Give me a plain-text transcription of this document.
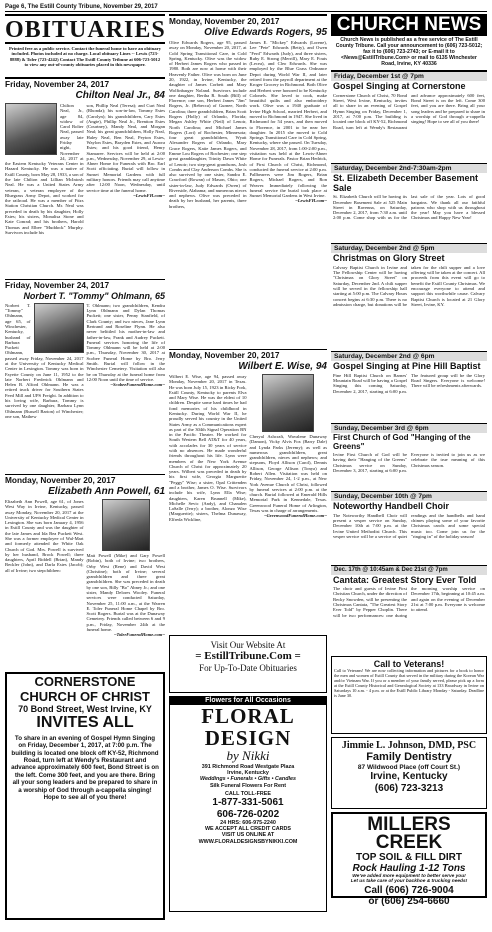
Page 6, The Estill County Tribune, November 29, 2017
OBITUARIES
Printed free as a public service. Contact the funeral home to have an obituary included. Photos included at no charge. Local obituary Lines -- Lewis (723-8888) & Toler (723-4242) Contact The Estill County Tribune at 606-723-5012 to view any out-of-county obituaries placed in this newspaper.
Friday, November 24, 2017
Chilton Neal Jr., 84
Chilton Neal, Jr., age 84, widow of Carol Bolter Neal, passed away late Friday night, November 24, 2017 at the Eastern Kentucky Veterans Center in Hazard Kentucky. He was a native of Estill County, born May 28, 1933, a son of the late Chilton and Lillian McIntosh Neal. He was a United States Army veteran, a veteran employee of the Bluegrass Army Depot, and worked for the railroad. He was a member of Fitzs Station Christian Church. Mr. Neal was preceded in death by his daughter, Holly Estes; his sisters, Monalisa Stone and Kate Conrad; and his brothers, Harold Thomas and Elbee "Muddock" Murphy. Survivors include his
son, Phillip Neal (Teresa); and Curt Neal (Rhonda); his son-in-law, Tommy Estes (Carolyn); his grandchildren, Cary Estes (Angie), Phillip Neal Jr., Brentton Estes (Courtney), Mandy Neal, and Morgan Neal; his great grandchildren, Holly Neal, Haley Neal, Ben Neal, Peyton Estes, Waylon Estes, Brayden Estes, and Aurora Estes; and his good friend, Henry Stamaree. Services will be held at 2:00 p.m., Wednesday, November 29, at Lewis-Abner Home for Funerals with Bro. Earl Scott officiating. Burial will follow in Sunset Memorial Gardens with full military honors. Friends may call anytime after 12:00 Noon, Wednesday, until service time at the funeral home.
~LewisFH.com~
Friday, November 24, 2017
Norbert T. "Tommy" Ohlmann, 65
Norbert T. "Tommy" Ohlmann, age 65, of Winchester, Kentucky, husband of Barbara Puckett Ohlmann, passed away Friday, November 24, 2017 at the University of Kentucky Medical Center in Lexington. Tommy was born in Fayette County on June 11, 1952 to the late Norbert Frederick Ohlmann and Helen B. Alford Ohlmann. He was a retired truck driver for Southern States Feed Mill and UPS Freight. In addition to his loving wife, Barbara, Tommy is survived by one daughter, Barbara Lynn Ohlmann (Russell Barton) of Winchester; one son, Mathew
T. Ohlmann; two grandchildren, Kendra Lynn Ohlmann and Dylan Thomas Puckett; one sister, Penny Stanfield, of Clark County; and two nieces, Jane Lynn Bertrand and Roseline Flynn. He also never belittled his mother-in-law and father-in-law, Frank and Audrey Puckett. Funeral services honoring the life of Tommy Ohlmann will be held at 2:00 p.m., Thursday, November 30, 2017 at Scobee Funeral Home by Bro. Jerry Smith. Burial will follow in the Winchester Cemetery. Visitation will also be on Thursday at the funeral home from 12:00 Noon until the time of service.
~ScobeeFuneralHome.com~
Monday, November 20, 2017
Elizabeth Ann Powell, 61
Elizabeth Ann Powell, age 61, of Jones West Way in Irvine, Kentucky, passed away Monday, November 20, 2017 at the University of Kentucky Medical Center in Lexington. She was born January 4, 1956 in Estill County and was the daughter of the late James and Ida Bea Puckett West. She was a former employee of Wal-Mart and formerly attended the White Oak Church of God. Mrs. Powell is survived by her husband, Brock Powell; three daughters, April Biddell (Brian), Mandy Beckler (John), and Darla Estes (Jacob); all of Irvine; two stepchildren:
Matt Powell (Mike) and Gary Powell (Robin), both of Irvine; two brothers, Orby West (Rene) and David West (Christine); both of Irvine; several grandchildren and three great grandchildren. She was preceded in death by one son, Billy "Bo" Abney Jr.; and one sister, Mandy Delores Wooley. Funeral services were conducted Saturday, November 25, 11:00 a.m., at the Warren E. Toler Funeral Home Chapel by Bro. Scott Rogers. Burial was at the Dunaway Cemetery. Friends called between 6 and 9 p.m., Friday, November 24th at the funeral home.
~TolerFuneralHome.com~
CORNERSTONE CHURCH OF CHRIST
70 Bond Street, West Irvine, KY
INVITES ALL
To share in an evening of Gospel Hymn Singing on Friday, December 1, 2017, at 7:00 p.m. The building is located one block off KY-52, Richmond Road, turn left at Wendy's Restaurant and advance approximately 600 feet, Bond Street is on the left. Come 300 feet, and you are there. Bring all your song leaders and be prepared to share in a worship of God through a-cappella singing! Hope to see all of you there!
Monday, November 20, 2017
Olive Edwards Rogers, 95
Olive Edwards Rogers, age 95, passed away on Monday, November 20, 2017, at Cold Spring Transitional Care, in Cold Spring, Kentucky. Olive was the widow of Herbert James Rogers who passed in 1980. Both are now at home with their Heavenly Father. Olive was born on June 20, 1922, in Irvine, Kentucky, the daughter of James Corbett and Mary Wolfinbarger Noland. Survivors include one daughter, Bertha R. South (Bill) of Florence; one son, Herbert James "Jim" Rogers, Jr. (Rebecca) of Gurnee, North Carolina; three grandchildren, Brian Scott Rogers (Holly) of Orlando, Florida; Megan Ashley White (Neil) of Lenoir, North Carolina; and Michael James Rogers (Lori) of Rochester, Minnesota; four great grandchildren, Wyatt Alexander Rogers of Orlando, Mary Grace Rogers, Katie James Rogers, and Emme Lou Rogers of Rochester; one step great granddaughter, Trinity Dawn White of Lenoir; two step-great grandsons, Josh Combs and Clay Anderson Combs. She is also survived by one sister, Sandra E. Crawford (Rowan) of Mason, Ohio; one sister-in-law, Judy Edwards (Owen) of Riverside, Alabama; and numerous nieces and nephews. Olive was preceded in death by her husband, her parents, three brothers,
James E. "Mickey" Edwards (Lorene), Lee "Pete" Edwards (Betty), and Owen "Ferd" Edwards (Judy), and three sisters, Ruby E. Strong (Merrill), Mary E. Fouts (Lecea), and Cleo Edwards. She was employed by the Blue Grass Ordnance Depot during World War II, and later retired from the payroll department at the Kroger Grocery in Richmond. Both Olive and Herbert were honored to be Kentucky Colonels. She loved to cook, make beautiful quilts and also embroidery work. Olive was a 1940 graduate of Irvine High School, married Herbert, and moved to Richmond in 1947. She lived in Richmond for 54 years, and then moved to Florence, in 2001 to be near her daughter. In 2015 she moved to Cold Springs Transitional Care in Cold Spring, Kentucky, where she passed. On Tuesday, November 28, 2017, from 1:00-2:00 p.m., visitation was held at the Lewis-Abner Home for Funerals. Pastor Brian Hedrick, of First Church of Christ, Richmond, conducted the funeral service at 2:00 p.m. Pallbearers were Jim Rogers, Brian Rogers, Michael Rogers, and Ron Weaver. Immediately following the funeral service the burial took place at Sunset Memorial Gardens in West Irvine.
~LewisFH.com~
Monday, November 20, 2017
Wilbert E. Wise, 94
Wilbert E. Wise, age 94, passed away Monday, November 20, 2017 in Texas. He was born July 15, 1923 in Ricky Fork, Estill County, Kentucky to parents Elva and Mary Wise. He was the eldest of 10 children. Despite some hard times he had fond memories of his childhood in Kentucky. During World War II, he proudly served his country in the United States Army as a Communications expert as part of the 304th Signal Operation BN in the Pacific Theater. He worked for South Western Bell AT&T for 40 years, with accolades for 30 years of service with no absences. He made wonderful friends throughout his life. Lynn were members of the New York Avenue Church of Christ for approximately 20 years. Wilbert was preceded in death by his first wife, Georgia Marguerite "Peggy" Wise; a sister, Opal Crittenden and a brother, James O. Wise. Survivors include his wife, Lynn Ella Wise; daughters, Karen Brunnell (Mike), Michelle Sevic (Andy), and Chanalen LaSalle (Jerry); a brother, Alonzo Wise (Marguerite); sisters, Thelma Dunaway, Elfreda Wickline,
Cheryal Ashcraft, Wavalene Dunaway (Damon), Vicky Alvis Fox (Barry Dale) and Lynda Parks (Jeremy); as well as numerous grandchildren, great grandchildren, nieces and nephews; and stepsons, Floyd Allison (Carol), Dennis Allison, George Allison (Tonya) and Robert Allen. Visitation was held on Friday, November 24, 1-2 p.m., at New York Avenue Church of Christ, followed by funeral services at 2:00 p.m. at the church. Burial followed at Emerald Hills Memorial Park in Kennedale, Texas. Greenwood Funeral Home of Arlington, Texas was in charge of arrangements.
~GreenwoodFuneralHome.com~
Visit Our Website At
= EstillTribune.Com =
For Up-To-Date Obituaries
Flowers for All Occasions
FLORAL DESIGN
by Nikki
391 Richmond Road Westgate Plaza
Irvine, Kentucky
Weddings • Funerals • Gifts • Candles
Silk Funeral Flowers For Rent
CALL TOLL-FREE
1-877-331-5061
606-726-0202
24 HRS: 606-975-2240
WE ACCEPT ALL CREDIT CARDS
VISIT US ONLINE AT
WWW.FLORALDESIGNSBYNIKKI.COM
CHURCH NEWS
Church News is published as a free service of The Estill County Tribune. Call your announcement to (606) 723-5012; fax it to (606) 723-2743; or E-mail it to <News@EstillTribune.Com> or mail to 6135 Winchester Road, Irvine, KY 40336
Friday, December 1st @ 7pm
Gospel Singing at Cornerstone
Cornerstone Church of Christ, 70 Bond Street, West Irvine, Kentucky, invites all to share in an evening of Gospel Hymn Singing on Friday, December 1, 2017, at 7:00 p.m. The building is located one block off KY-52, Richmond Road, turn left at Wendy's Restaurant and advance approximately 600 feet, Bond Street is on the left. Come 300 feet, and you are there. Bring all your song leaders and be prepared to share in a worship of God through a-cappella singing! Hope to see all of you there!
Saturday, December 2nd-7:30am-2pm
St. Elizabeth December Basement Sale
St. Elizabeth Church will be having its December Basement Sale at 525 Main Street in Ravenna, on Saturday, December 2, 2017, from 7:30 a.m. until 2:00 p.m. Come shop with us for the last sale of the year. Lots of good bargains. We thank all our faithful patrons who shop with us throughout the year! May you have a blessed Christmas and Happy New Year!
Saturday, December 2nd @ 5pm
Christmas on Glory Street
Calvary Baptist Church in Irvine and The Fellowship Center will be having "Christmas on Glory Street" on Saturday, December 2nd. A chili supper will be served in the fellowship hall starting at 5:00 p.m. The Calvary Hours concert begins at 6:30 p.m. There is no admission charge, but donations will be taken for the chili supper and a love offering will be taken at the concert. All proceeds from this event will go to benefit the Estill County Christmas. We encourage everyone to attend and support this worthwhile cause. Calvary Baptist Church is located at 21 Glory Street, Irvine, KY.
Saturday, December 2nd @ 6pm
Gospel Singing at Pine Hill Baptist
Pine Hill Baptist Church on Barnes' Mountain Road will be having a Gospel Singing this coming Saturday, December 2, 2017, starting at 6:00 p.m. The featured group will be the Glory Road Singers. Everyone is welcome! There will be refreshments afterwards.
Sunday, December 3rd @ 6pm
First Church of God "Hanging of the Greens"
Irvine First Church of God will be having their "Hanging of the Greens" Christmas service on Sunday, December 3, 2017, starting at 6:00 p.m. Everyone is invited to join us as we celebrate the true meaning of this Christmas season.
Sunday, December 10th @ 7pm
Noteworthy Handbell Choir
The Noteworthy Handbell Choir will present a vesper service on Sunday, December 10th at 7:00 p.m. at the Irvine United Methodist Church. This vesper service will be a service of quiet readings and the handbells and hand chimes playing some of your favorite Christmas carols and some special music too. Come join us for the "ringing in" of the holiday season!
Dec. 17th @ 10:45am & Dec 21st @ 7pm
Cantata: Greatest Story Ever Told
The choir and guests of Irvine First Christian Church, under the direction of Becky Snowden, will be presenting the Christmas Cantata, "The Greatest Story Ever Told" by Pepper Choplin. There will be two performances: one during the morning worship service on December 17th, beginning at 10:45 a.m. and again on the evening of December 21st at 7:00 p.m. Everyone is welcome to attend.
Call to Veterans!
Call to Veterans! We are now collecting information and pictures for a book to honor the men and women of Estill County that served in the military during the Korean War and/or Vietnam War. If you or a member of your family served, please pick up a form at the Estill County Historical and Genealogical Society at 133 Broadway in Irvine on Saturdays 10 a.m. - 4 p.m. or at the Estill Public Library Monday - Saturday. Deadline is June 30.
Jimmie L. Johnson, DMD, PSC
Family Dentistry
87 Wildwood Place (off Court St.)
Irvine, Kentucky
(606) 723-3213
MILLERS CREEK
TOP SOIL & FILL DIRT
Rock Hauling 1-12 Tons
We've added more equipment to better serve you!
Let us take care of your backhoe & trucking needs!
Call (606) 726-9004
or (606) 254-6660
